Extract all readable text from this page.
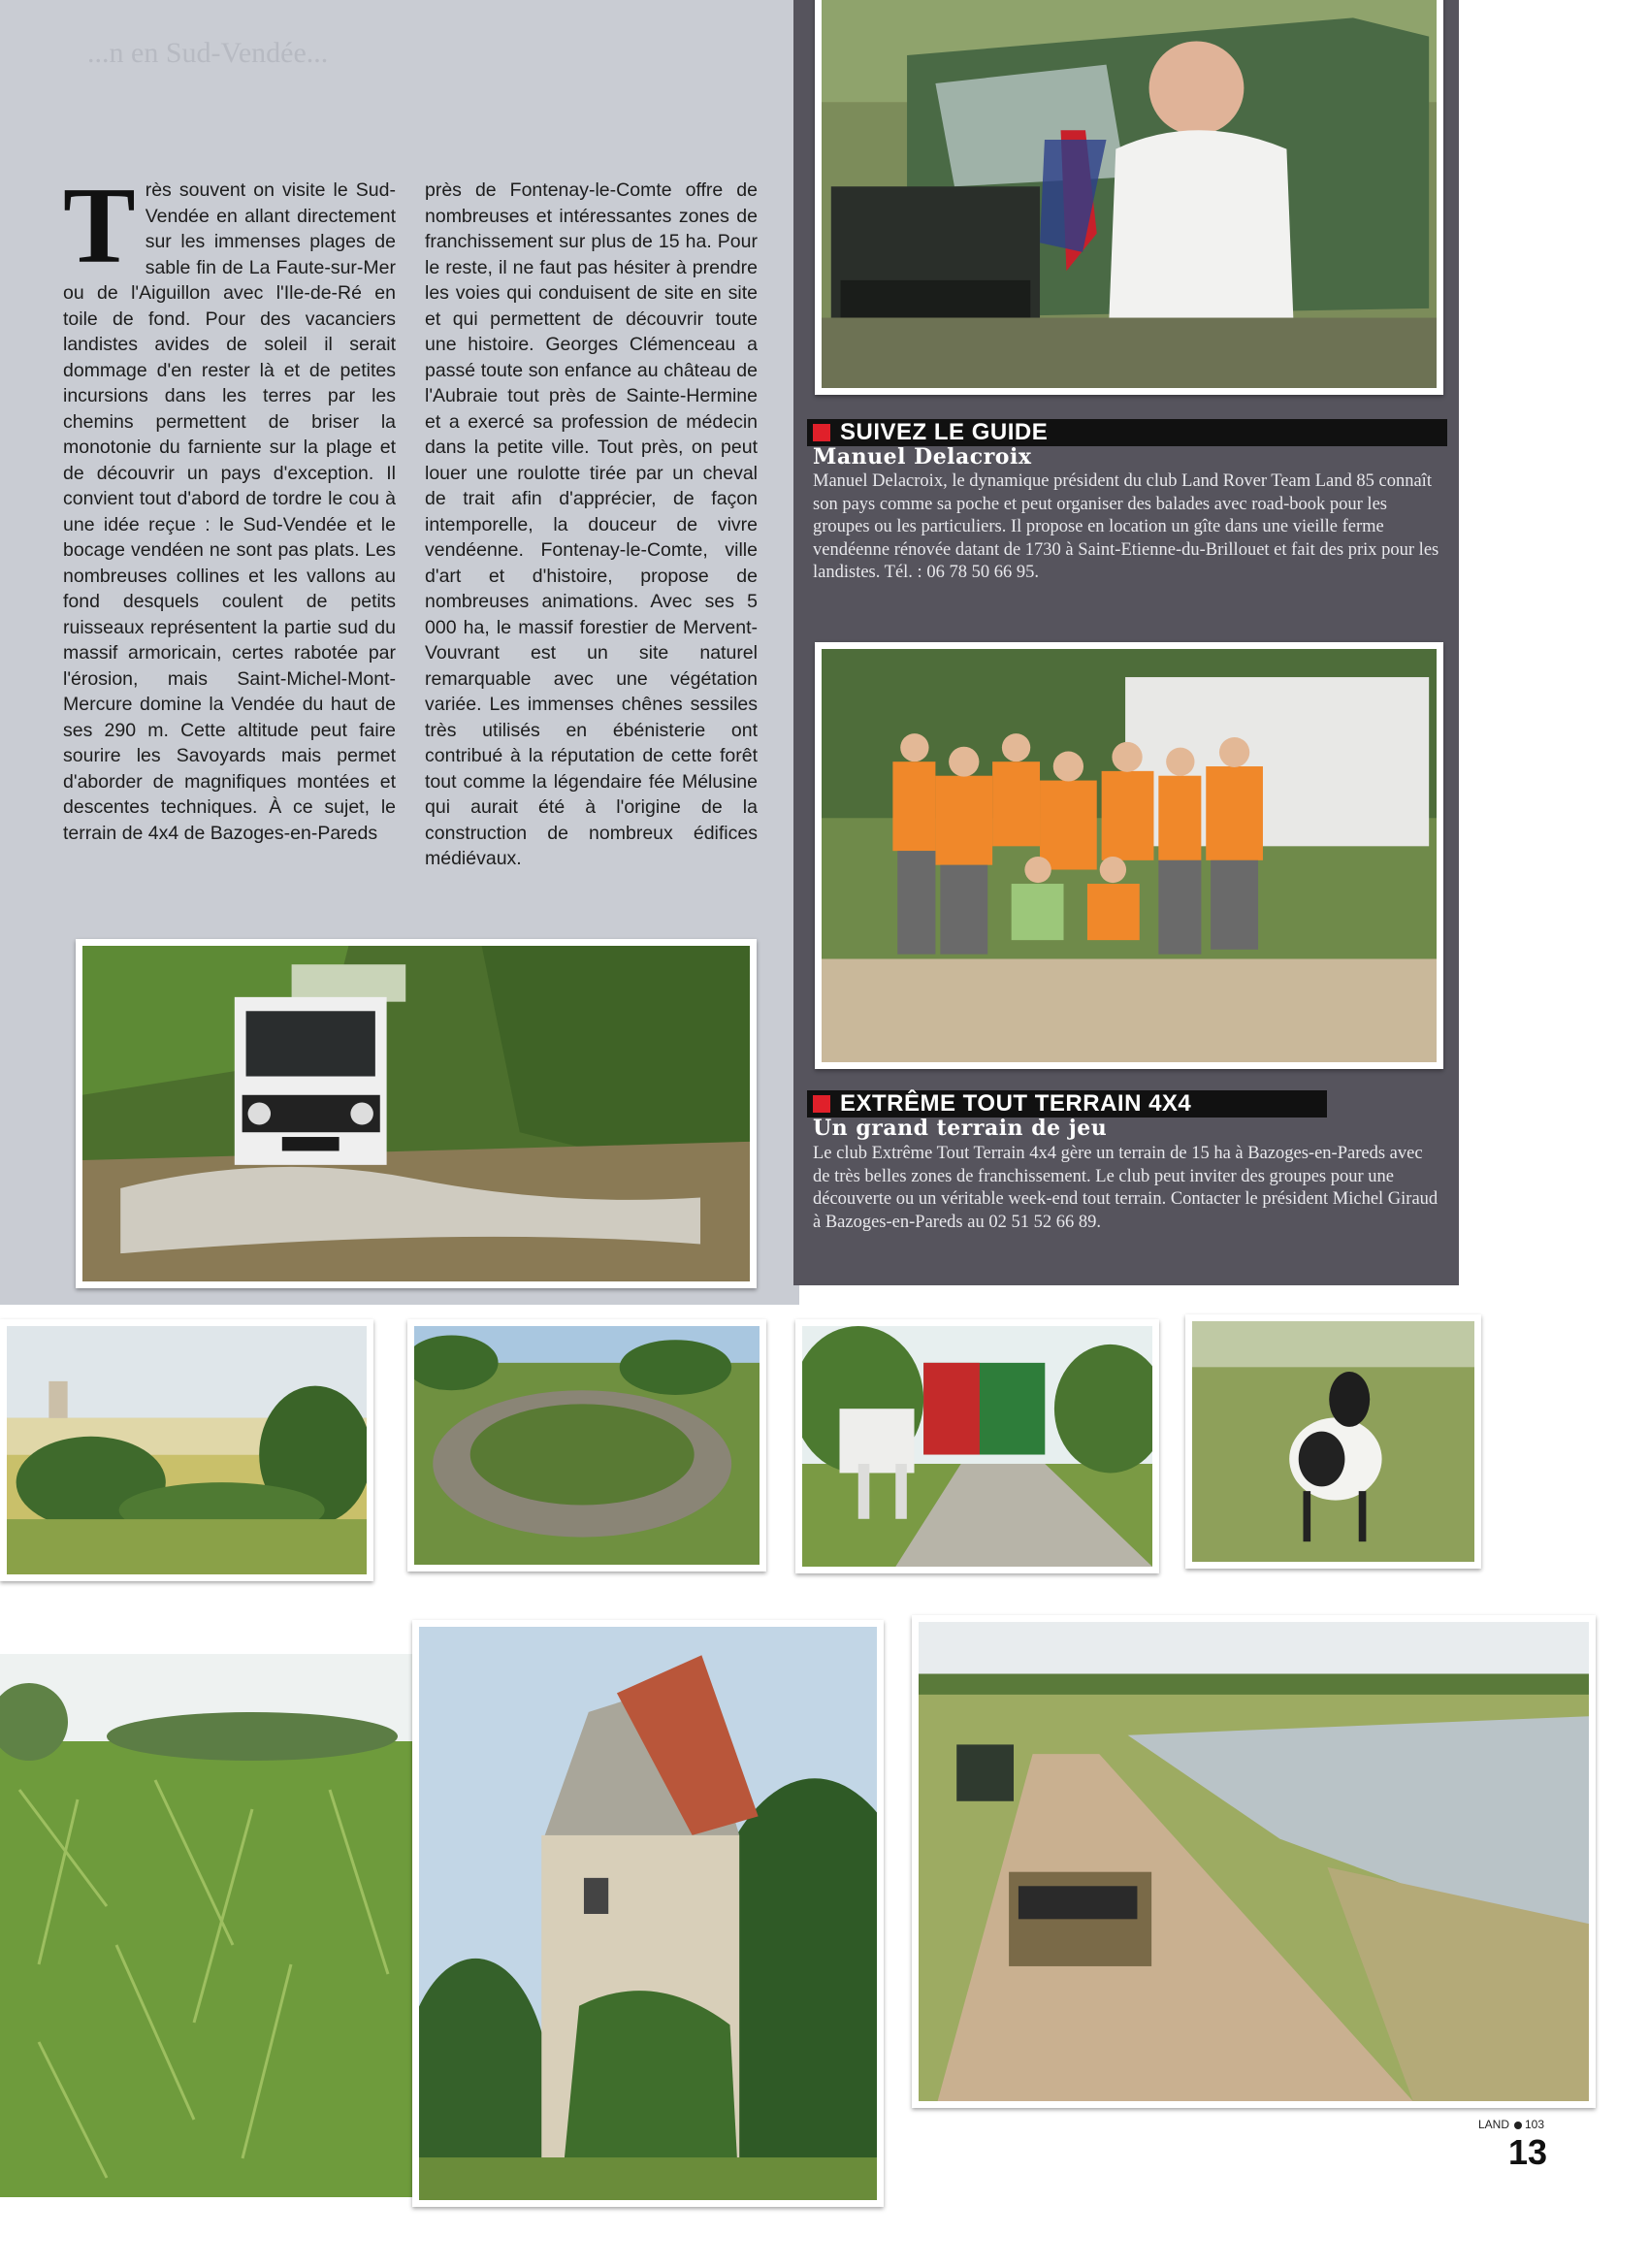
...n en Sud-Vendée...
T rès souvent on visite le Sud-Vendée en allant directement sur les immenses plages de sable fin de La Faute-sur-Mer ou de l'Aiguillon avec l'Ile-de-Ré en toile de fond. Pour des vacanciers landistes avides de soleil il serait dommage d'en rester là et de petites incursions dans les terres par les chemins permettent de briser la monotonie du farniente sur la plage et de découvrir un pays d'exception. Il convient tout d'abord de tordre le cou à une idée reçue : le Sud-Vendée et le bocage vendéen ne sont pas plats. Les nombreuses collines et les vallons au fond desquels coulent de petits ruisseaux représentent la partie sud du massif armoricain, certes rabotée par l'érosion, mais Saint-Michel-Mont-Mercure domine la Vendée du haut de ses 290 m. Cette altitude peut faire sourire les Savoyards mais permet d'aborder de magnifiques montées et descentes techniques. À ce sujet, le terrain de 4x4 de Bazoges-en-Pareds

près de Fontenay-le-Comte offre de nombreuses et intéressantes zones de franchissement sur plus de 15 ha. Pour le reste, il ne faut pas hésiter à prendre les voies qui conduisent de site en site et qui permettent de découvrir toute une histoire. Georges Clémenceau a passé toute son enfance au château de l'Aubraie tout près de Sainte-Hermine et a exercé sa profession de médecin dans la petite ville. Tout près, on peut louer une roulotte tirée par un cheval de trait afin d'apprécier, de façon intemporelle, la douceur de vivre vendéenne. Fontenay-le-Comte, ville d'art et d'histoire, propose de nombreuses animations. Avec ses 5 000 ha, le massif forestier de Mervent-Vouvrant est un site naturel remarquable avec une végétation variée. Les immenses chênes sessiles très utilisés en ébénisterie ont contribué à la réputation de cette forêt tout comme la légendaire fée Mélusine qui aurait été à l'origine de la construction de nombreux édifices médiévaux.

SUIVEZ LE GUIDE
Manuel Delacroix
Manuel Delacroix, le dynamique président du club Land Rover Team Land 85 connaît son pays comme sa poche et peut organiser des balades avec road-book pour les groupes ou les particuliers. Il propose en location un gîte dans une vieille ferme vendéenne rénovée datant de 1730 à Saint-Etienne-du-Brillouet et fait des prix pour les landistes. Tél. : 06 78 50 66 95.
EXTRÊME TOUT TERRAIN 4X4
Un grand terrain de jeu
Le club Extrême Tout Terrain 4x4 gère un terrain de 15 ha à Bazoges-en-Pareds avec de très belles zones de franchissement. Le club peut inviter des groupes pour une découverte ou un véritable week-end tout terrain. Contacter le président Michel Giraud à Bazoges-en-Pareds au 02 51 52 66 89.
LAND 103
13
